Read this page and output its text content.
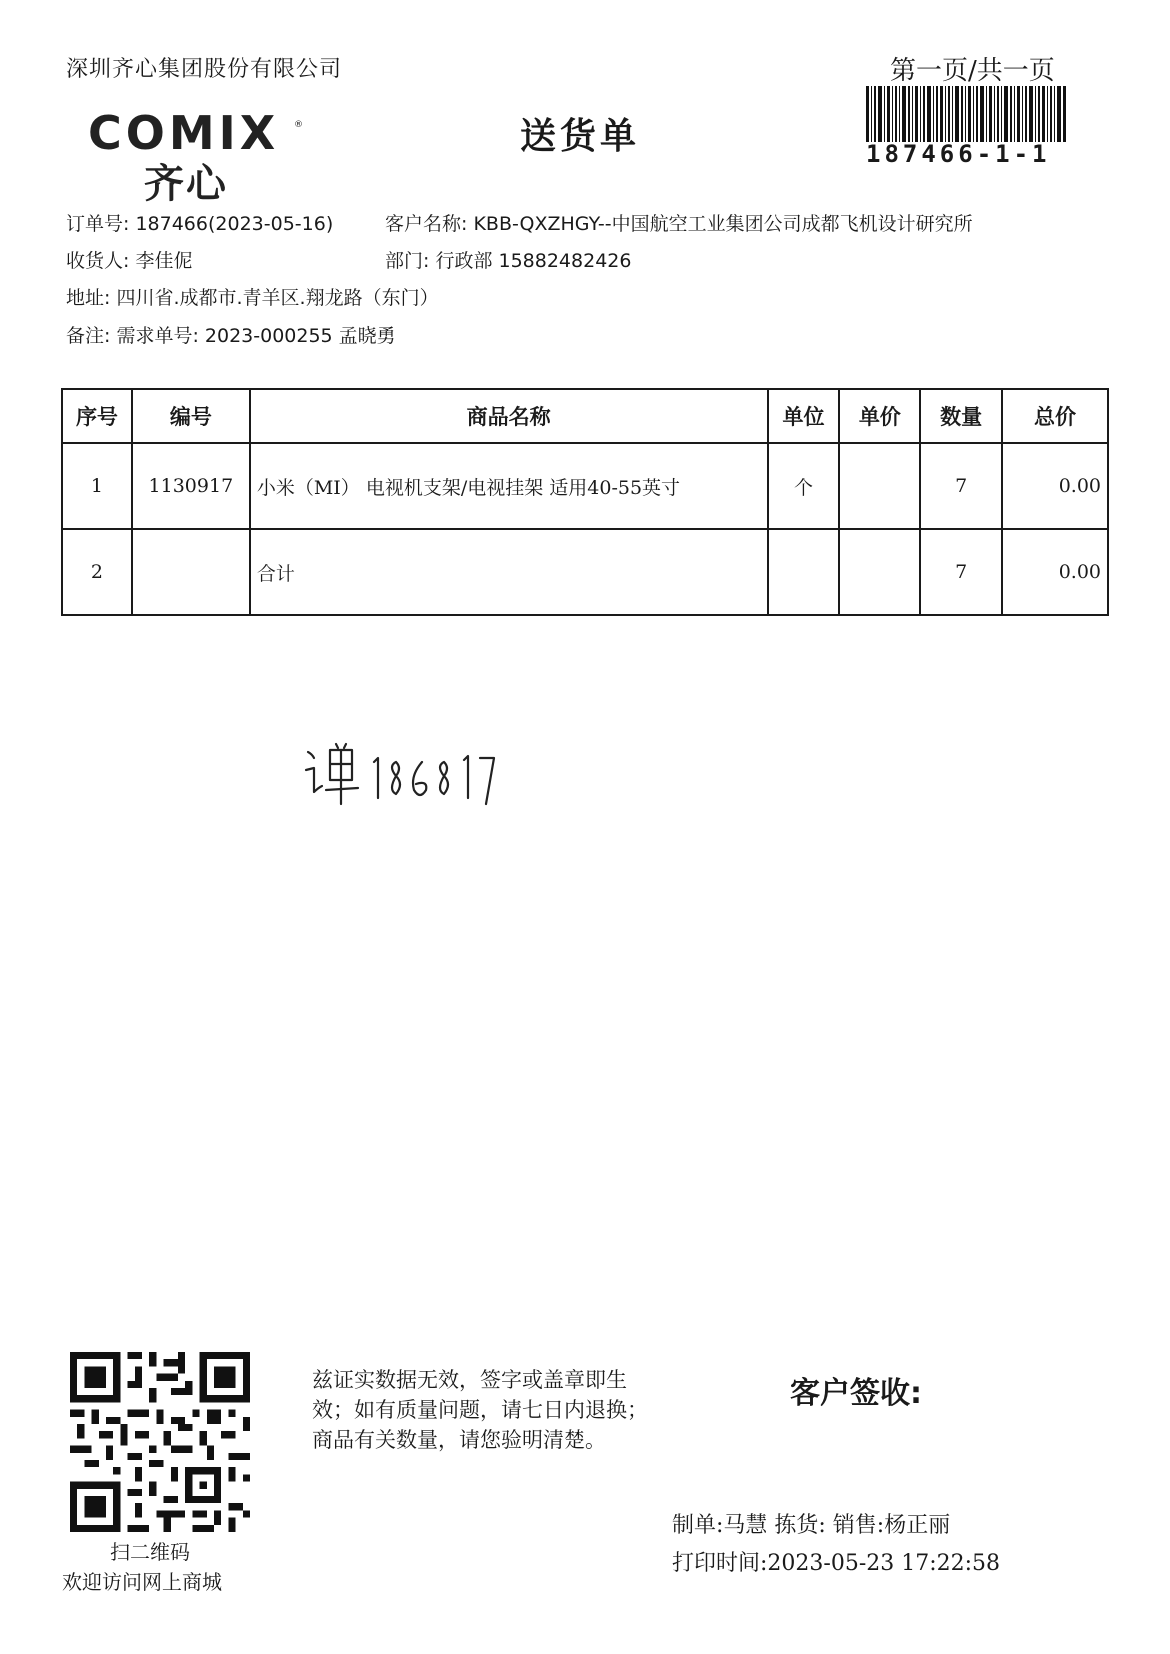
深圳齐心集团股份有限公司	第一页/共一页
COMIX ®
齐心
送货单	187466-1-1
订单号: 187466(2023-05-16)	客户名称: KBB-QXZHGY--中国航空工业集团公司成都飞机设计研究所
收货人: 李佳伲	部门: 行政部 15882482426
地址: 四川省.成都市.青羊区.翔龙路（东门）
备注: 需求单号: 2023-000255 孟晓勇
序号	编号	商品名称	单位	单价	数量	总价
1	1130917	小米（MI） 电视机支架/电视挂架 适用40-55英寸	个		7	0.00
2		合计			7	0.00
扫二维码
欢迎访问网上商城
兹证实数据无效，签字或盖章即生
效；如有质量问题，请七日内退换；
商品有关数量，请您验明清楚。
客户签收:
制单:马慧 拣货: 销售:杨正丽
打印时间:2023-05-23 17:22:58
